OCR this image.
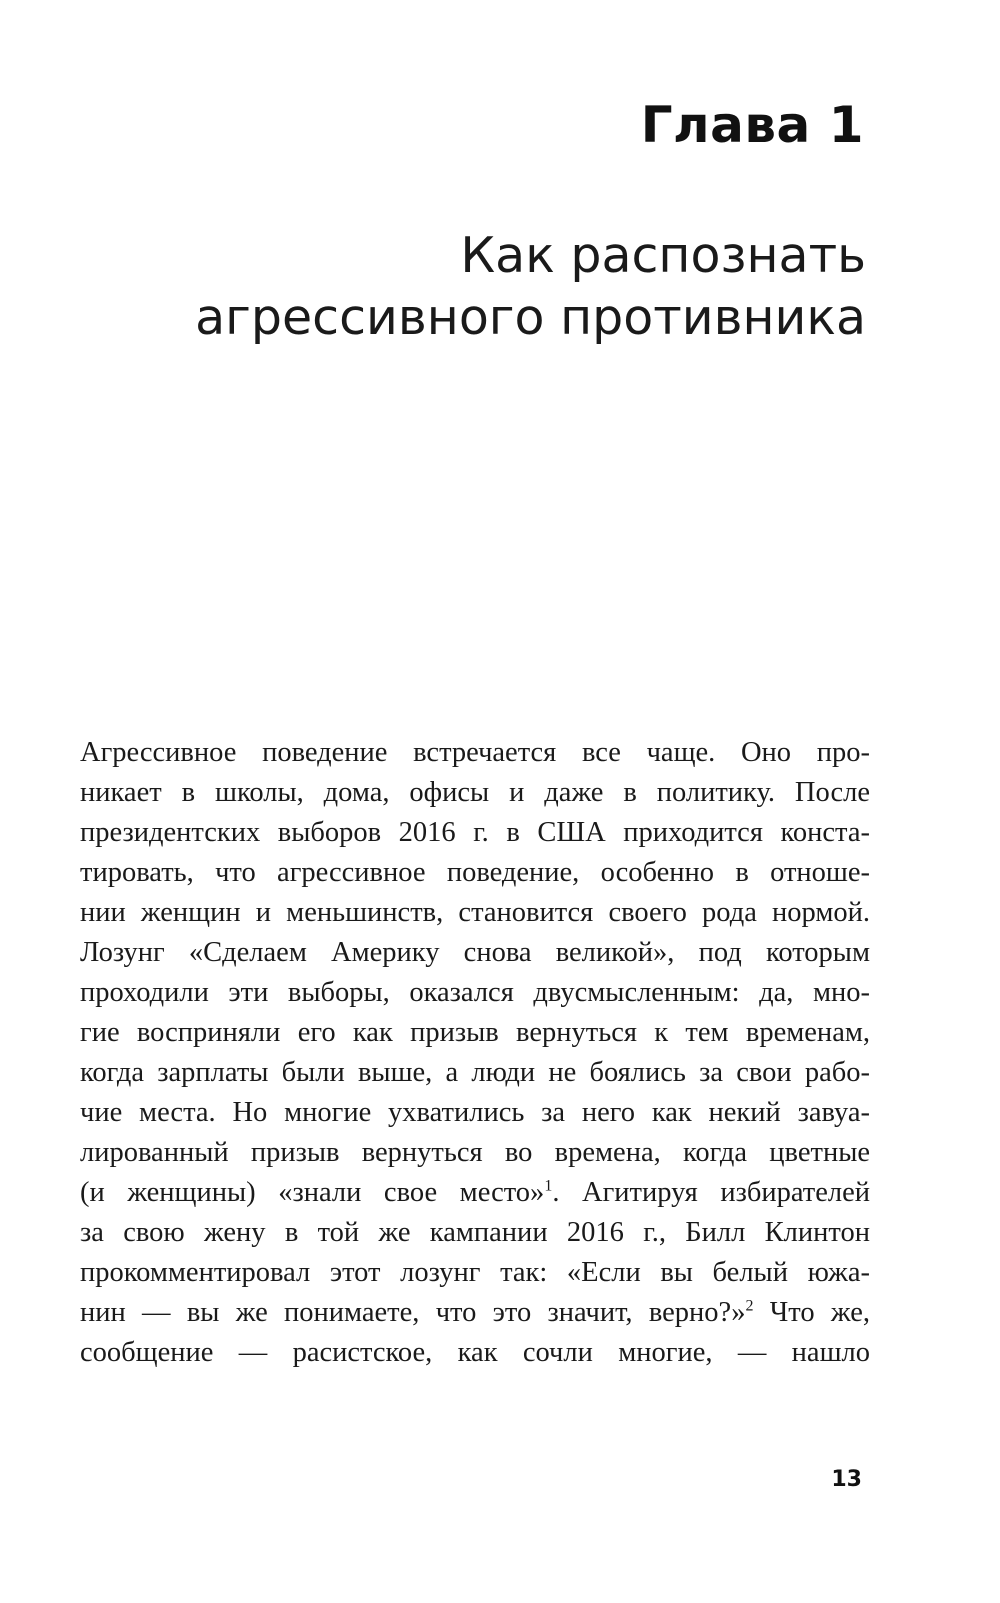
Глава 1
Как распознать
агрессивного противника
Агрессивное поведение встречается все чаще. Оно про-
никает в школы, дома, офисы и даже в политику. После
президентских выборов 2016 г. в США приходится конста-
тировать, что агрессивное поведение, особенно в отноше-
нии женщин и меньшинств, становится своего рода нормой.
Лозунг «Сделаем Америку снова великой», под которым
проходили эти выборы, оказался двусмысленным: да, мно-
гие восприняли его как призыв вернуться к тем временам,
когда зарплаты были выше, а люди не боялись за свои рабо-
чие места. Но многие ухватились за него как некий завуа-
лированный призыв вернуться во времена, когда цветные
(и женщины) «знали свое место»$^1$. Агитируя избирателей
за свою жену в той же кампании 2016 г., Билл Клинтон
прокомментировал этот лозунг так: «Если вы белый южа-
нин — вы же понимаете, что это значит, верно?»$^2$ Что же,
сообщение — расистское, как сочли многие, — нашло
13
